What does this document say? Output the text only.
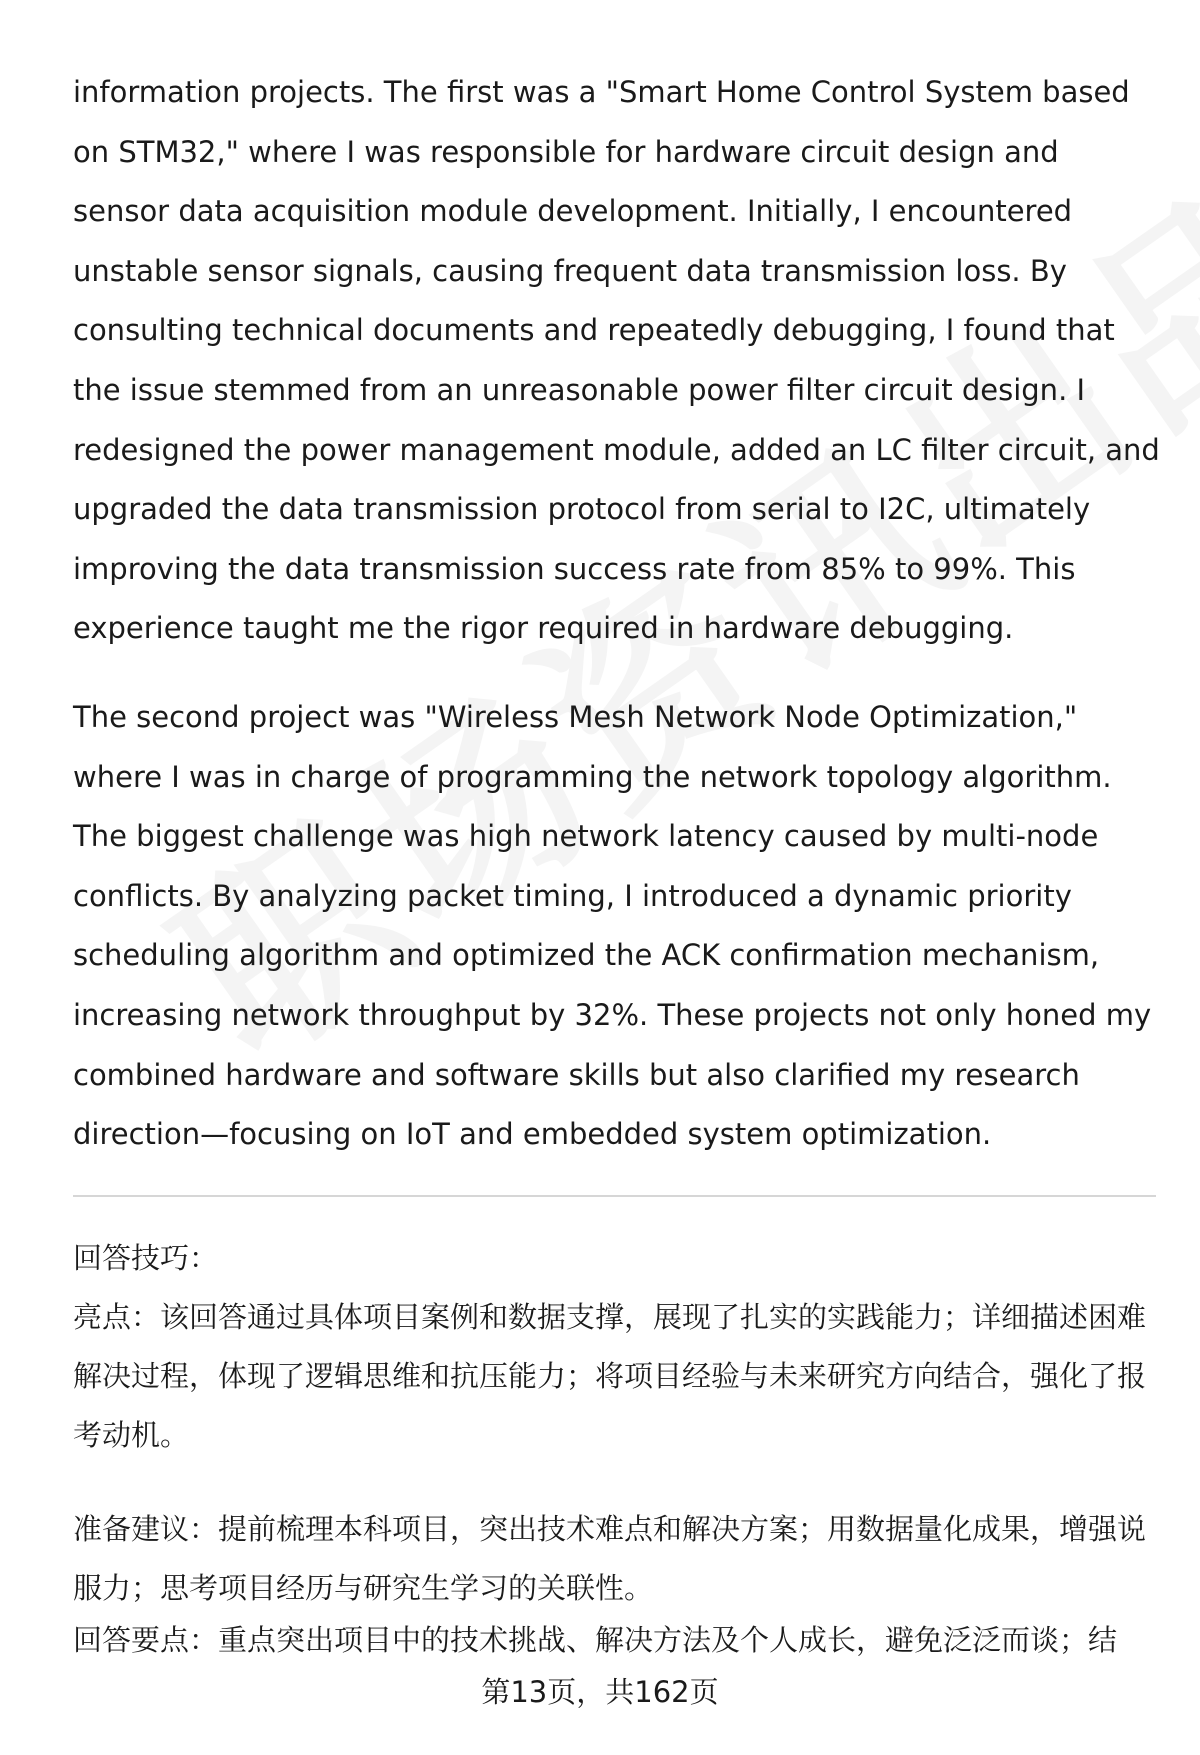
information projects. The first was a "Smart Home Control System based on STM32," where I was responsible for hardware circuit design and sensor data acquisition module development. Initially, I encountered unstable sensor signals, causing frequent data transmission loss. By consulting technical documents and repeatedly debugging, I found that the issue stemmed from an unreasonable power filter circuit design. I redesigned the power management module, added an LC filter circuit, and upgraded the data transmission protocol from serial to I2C, ultimately improving the data transmission success rate from 85% to 99%. This experience taught me the rigor required in hardware debugging.

The second project was "Wireless Mesh Network Node Optimization," where I was in charge of programming the network topology algorithm. The biggest challenge was high network latency caused by multi-node conflicts. By analyzing packet timing, I introduced a dynamic priority scheduling algorithm and optimized the ACK confirmation mechanism, increasing network throughput by 32%. These projects not only honed my combined hardware and software skills but also clarified my research direction—focusing on IoT and embedded system optimization.

回答技巧：

亮点：该回答通过具体项目案例和数据支撑，展现了扎实的实践能力；详细描述困难解决过程，体现了逻辑思维和抗压能力；将项目经验与未来研究方向结合，强化了报考动机。

准备建议：提前梳理本科项目，突出技术难点和解决方案；用数据量化成果，增强说服力；思考项目经历与研究生学习的关联性。

回答要点：重点突出项目中的技术挑战、解决方法及个人成长，避免泛泛而谈；结

第13页，共162页
